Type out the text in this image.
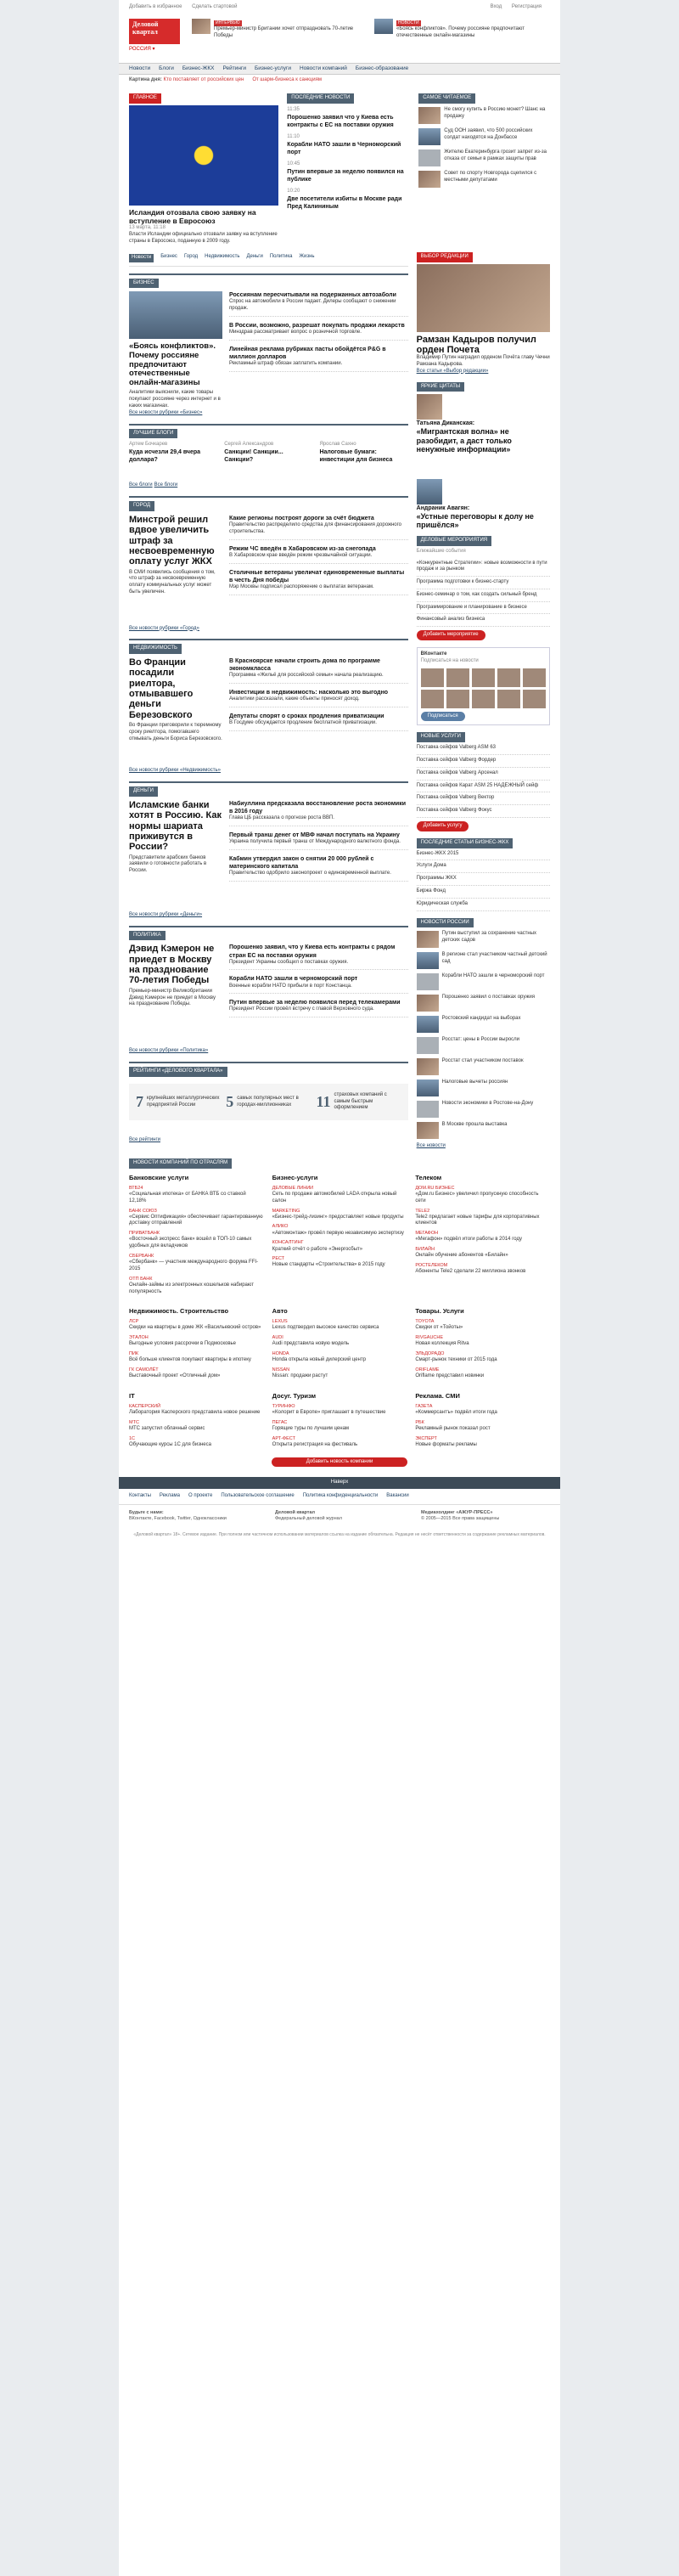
Добавить в избранное Сделать стартовой	Вход Регистрация
Деловой
квартал
РОССИЯ ▾
ИНТЕРВЬЮ

Премьер-министр Британии хочет отпраздновать 70-летие Победы

НОВОСТИ

«Боясь конфликтов». Почему россияне предпочитают отечественные онлайн-магазины

Новости Блоги Бизнес-ЖКХ Рейтинги Бизнес-услуги Новости компаний Бизнес-образование
Картина дня: Кто поставляет от российских цен От шарм-бизнеса к санкциям
ГЛАВНОЕ
Исландия отозвала свою заявку на вступление в Евросоюз
13 марта, 11:18

Власти Исландии официально отозвали заявку на вступление страны в Евросоюз, поданную в 2009 году.

ПОСЛЕДНИЕ НОВОСТИ
11:35
Порошенко заявил что у Киева есть контракты с ЕС на поставки оружия
11:10
Корабли НАТО зашли в Черноморский порт
10:45
Путин впервые за неделю появился на публике
10:20
Две посетители избиты в Москве ради Пред Калининым
САМОЕ ЧИТАЕМОЕ
Не смогу купить в Россию монет? Шанс на продажу
Суд ООН заявил, что 500 российских солдат находятся на Донбассе
Жителю Екатеринбурга грозит запрет из-за отказа от семьи в рамках защиты прав
Совет по спорту Новгорода сцепился с местными депутатами
Новости	Бизнес Город Недвижимость Деньги Политика Жизнь
БИЗНЕС
«Боясь конфликтов». Почему россияне предпочитают отечественные онлайн-магазины

Аналитики выяснили, какие товары покупают россияне через интернет и в каких магазинах.

Россиянам пересчитывали на подержанных автозаболи

Спрос на автомобили в России падает. Дилеры сообщают о снижении продаж.

В России, возможно, разрешат покупать продажи лекарств

Минздрав рассматривает вопрос о розничной торговле.

Линейная реклама рубриках пасты обойдётся P&G в миллион долларов

Рекламный штраф обязан заплатить компании.

Все новости рубрики «Бизнес»
ЛУЧШИЕ БЛОГИ
Артем Бочкарев
Куда исчезли 29,4 вчера доллара?
Сергей Александров
Санкции! Санкции... Санкции?
Ярослав Сахно
Налоговые бумаги: инвестиции для бизнеса
Все блоги Все блоги
ГОРОД
Минстрой решил вдвое увеличить штраф за несвоевременную оплату услуг ЖКХ

В СМИ появились сообщения о том, что штраф за несвоевременную оплату коммунальных услуг может быть увеличен.

Какие регионы построят дороги за счёт бюджета

Правительство распределило средства для финансирования дорожного строительства.

Режим ЧС введён в Хабаровском из-за снегопада

В Хабаровском крае введён режим чрезвычайной ситуации.

Столичные ветераны увеличат единовременные выплаты в честь Дня победы

Мэр Москвы подписал распоряжение о выплатах ветеранам.

Все новости рубрики «Город»
НЕДВИЖИМОСТЬ
Во Франции посадили риелтора, отмывавшего деньги Березовского

Во Франции приговорили к тюремному сроку риелтора, помогавшего отмывать деньги Бориса Березовского.

В Красноярске начали строить дома по программе экономкласса

Программа «Жильё для российской семьи» начала реализацию.

Инвестиции в недвижимость: насколько это выгодно

Аналитики рассказали, какие объекты приносят доход.

Депутаты спорят о сроках продления приватизации

В Госдуме обсуждается продление бесплатной приватизации.

Все новости рубрики «Недвижимость»
ДЕНЬГИ
Исламские банки хотят в Россию. Как нормы шариата приживутся в России?

Представители арабских банков заявили о готовности работать в России.

Набиуллина предсказала восстановление роста экономики в 2016 году

Глава ЦБ рассказала о прогнозе роста ВВП.

Первый транш денег от МВФ начал поступать на Украину

Украина получила первый транш от Международного валютного фонда.

Кабмин утвердил закон о снятии 20 000 рублей с материнского капитала

Правительство одобрило законопроект о единовременной выплате.

Все новости рубрики «Деньги»
ПОЛИТИКА
Дэвид Кэмерон не приедет в Москву на празднование 70-летия Победы

Премьер-министр Великобритании Дэвид Кэмерон не приедет в Москву на празднование Победы.

Порошенко заявил, что у Киева есть контракты с рядом стран ЕС на поставки оружия

Президент Украины сообщил о поставках оружия.

Корабли НАТО зашли в черноморский порт

Военные корабли НАТО прибыли в порт Констанца.

Путин впервые за неделю появился перед телекамерами

Президент России провёл встречу с главой Верховного суда.

Все новости рубрики «Политика»
РЕЙТИНГИ «ДЕЛОВОГО КВАРТАЛА»
7 крупнейших металлургических предприятий России	5 самых популярных мест в городах-миллионниках	11 страховых компаний с самым быстрым оформлением
Все рейтинги
ВЫБОР РЕДАКЦИИ
Рамзан Кадыров получил орден Почета

Владимир Путин наградил орденом Почёта главу Чечни Рамзана Кадырова.

Все статьи «Выбор редакции»
ЯРКИЕ ЦИТАТЫ
Татьяна Диканская:
«Мигрантская волна» не разобидит, а даст только ненужные информации»
Андраник Авагян:
«Устные переговоры к долу не пришёлся»
ДЕЛОВЫЕ МЕРОПРИЯТИЯ
Ближайшие события
«Конкурентные Стратегии»: новые возможности в пути продаж и за рынком
Программа подготовки к бизнес-старту
Бизнес-семинар о том, как создать сильный бренд
Программирование и планирование в бизнесе
Финансовый анализ бизнеса
Добавить мероприятие
ВКонтакте
Подписаться на новости
Подписаться
НОВЫЕ УСЛУГИ
Поставка сейфов Valberg ASM 63
Поставка сейфов Valberg Фордер
Поставка сейфов Valberg Арсенал
Поставка сейфов Карат ASM 25 НАДЕЖНЫЙ сейф
Поставка сейфов Valberg Вектор
Поставка сейфов Valberg Фокус
Добавить услугу
ПОСЛЕДНИЕ СТАТЬИ БИЗНЕС-ЖКХ
Бизнес-ЖКХ 2015
Услуги Дома
Программы ЖКХ
Биржа Фонд
Юридическая служба
НОВОСТИ РОССИИ
Путин выступил за сохранение частных детских садов
В регионе стал участником частный детский сад
Корабли НАТО зашли в черноморский порт
Порошенко заявил о поставках оружия
Ростовский кандидат на выборах
Росстат: цены в России выросли
Росстат стал участником поставок
Налоговые вычеты россиян
Новости экономики в Ростове-на-Дону
В Москве прошла выставка
Все новости
НОВОСТИ КОМПАНИЙ ПО ОТРАСЛЯМ
Банковские услуги
ВТБ24
«Социальная ипотека» от БАНКА ВТБ со ставкой 12,18%
БАНК СОЮЗ
«Сервис Оптификация» обеспечивает гарантированную доставку отправлений
ПРИВАТБАНК
«Восточный экспресс банк» вошёл в ТОП-10 самых удобных для вкладчиков
СБЕРБАНК
«Сбербанк» — участник международного форума FFI-2015
ОТП БАНК
Онлайн-займы из электронных кошельков набирают популярность
Бизнес-услуги
ДЕЛОВЫЕ ЛИНИИ
Сеть по продаже автомобилей LADA открыла новый салон
MARKETING
«Бизнес-трейд-лизинг» предоставляет новые продукты
АЛИКО
«Автомонтаж» провёл первую независимую экспертизу
КОНСАЛТИНГ
Краткий отчёт о работе «Энергосбыт»
РЕСТ
Новые стандарты «Строительства» в 2015 году
Телеком
ДОМ.RU БИЗНЕС
«Дом.ru Бизнес» увеличил пропускную способность сети
TELE2
Tele2 предлагает новые тарифы для корпоративных клиентов
МЕГАФОН
«Мегафон» подвёл итоги работы в 2014 году
БИЛАЙН
Онлайн обучение абонентов «Билайн»
РОСТЕЛЕКОМ
Абоненты Tele2 сделали 22 миллиона звонков
Недвижимость. Строительство
ЛСР
Скидки на квартиры в доме ЖК «Васильевский остров»
ЭТАЛОН
Выгодные условия рассрочки в Подмосковье
ПИК
Всё больше клиентов покупают квартиры в ипотеку
ГК САМОЛЁТ
Выставочный проект «Отличный дом»
Авто
LEXUS
Lexus подтвердил высокое качество сервиса
AUDI
Audi представила новую модель
HONDA
Honda открыла новый дилерский центр
NISSAN
Nissan: продажи растут
Товары. Услуги
TOYOTA
Скидки от «Тойоты»
RIVGAUCHE
Новая коллекция Ritva
ЭЛЬДОРАДО
Смарт-рынок техники от 2015 года
ORIFLAME
Oriflame представил новинки
IT
КАСПЕРСКИЙ
Лаборатория Касперского представила новое решение
МТС
МТС запустил облачный сервис
1С
Обучающие курсы 1С для бизнеса
Досуг. Туризм
ТУРИНФО
«Колорит в Европе» приглашает в путешествие
ПЕГАС
Горящие туры по лучшим ценам
АРТ-ФЕСТ
Открыта регистрация на фестиваль
Реклама. СМИ
ГАЗЕТА
«Коммерсантъ» подвёл итоги года
РБК
Рекламный рынок показал рост
ЭКСПЕРТ
Новые форматы рекламы
Добавить новость компании
Наверх
Контакты Реклама О проекте Пользовательское соглашение Политика конфиденциальности Вакансии
Будьте с нами:
ВКонтакте, Facebook, Twitter, Одноклассники
Деловой квартал
Федеральный деловой журнал
Медиахолдинг «АЖУР-ПРЕСС»
© 2005—2015 Все права защищены
«Деловой квартал» 18+. Сетевое издание. При полном или частичном использовании материалов ссылка на издание обязательна. Редакция не несёт ответственности за содержание рекламных материалов.
